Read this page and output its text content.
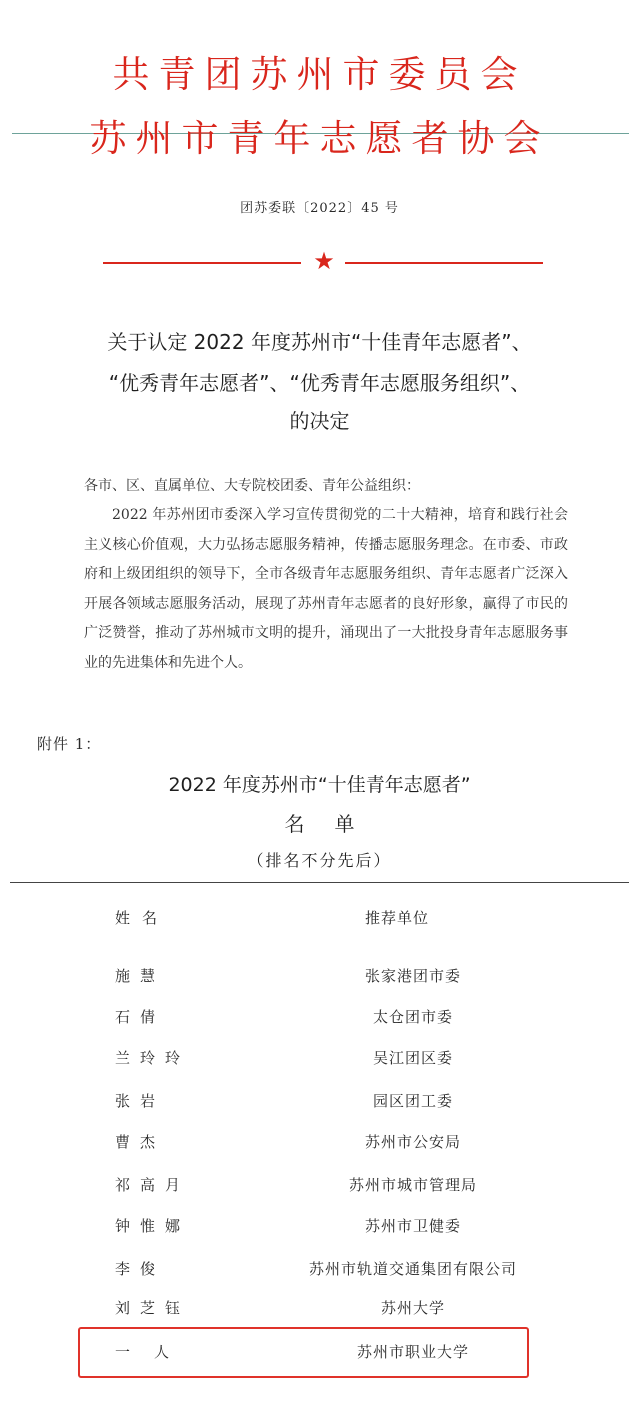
共青团苏州市委员会
苏州市青年志愿者协会
团苏委联〔2022〕45 号
★
关于认定 2022 年度苏州市“十佳青年志愿者”、
“优秀青年志愿者”、“优秀青年志愿服务组织”、
的决定
各市、区、直属单位、大专院校团委、青年公益组织：
2022 年苏州团市委深入学习宣传贯彻党的二十大精神，培育和践行社会主义核心价值观，大力弘扬志愿服务精神，传播志愿服务理念。在市委、市政府和上级团组织的领导下，全市各级青年志愿服务组织、青年志愿者广泛深入开展各领域志愿服务活动，展现了苏州青年志愿者的良好形象，赢得了市民的广泛赞誉，推动了苏州城市文明的提升，涌现出了一大批投身青年志愿服务事业的先进集体和先进个人。
附件 1：
2022 年度苏州市“十佳青年志愿者”
名单
（排名不分先后）
姓名	推荐单位
施慧	张家港团市委
石倩	太仓团市委
兰玲玲	吴江团区委
张岩	园区团工委
曹杰	苏州市公安局
祁高月	苏州市城市管理局
钟惟娜	苏州市卫健委
李俊	苏州市轨道交通集团有限公司
刘芝钰	苏州大学
一人	苏州市职业大学
